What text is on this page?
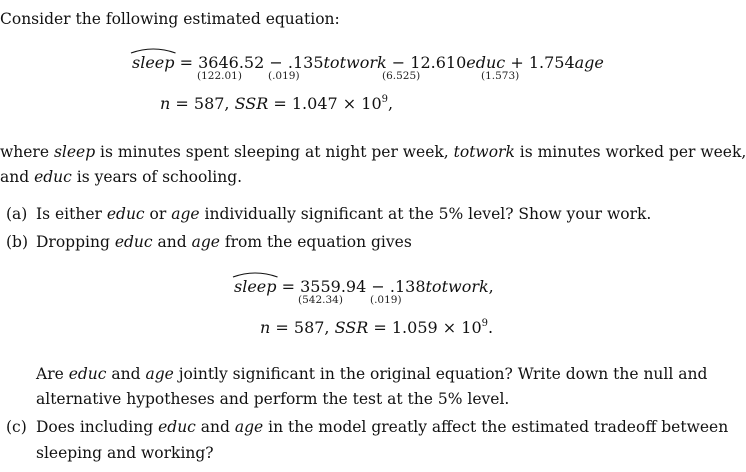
Consider the following estimated equation:
sleep = 3646.52 − .135totwork − 12.610educ + 1.754age
(122.01) (.019)	(6.525)	(1.573)
n = 587, SSR = $1.047 \times 10^9$,
where sleep is minutes spent sleeping at night per week, totwork is minutes worked per week,
and educ is years of schooling.
(a) Is either educ or age individually significant at the 5% level? Show your work.
(b) Dropping educ and age from the equation gives
sleep = 3559.94 − .138totwork,
(542.34)	(.019)
n = 587, SSR = $1.059 \times 10^9$.
Are educ and age jointly significant in the original equation? Write down the null and
alternative hypotheses and perform the test at the 5% level.
(c) Does including educ and age in the model greatly affect the estimated tradeoff between
sleeping and working?
